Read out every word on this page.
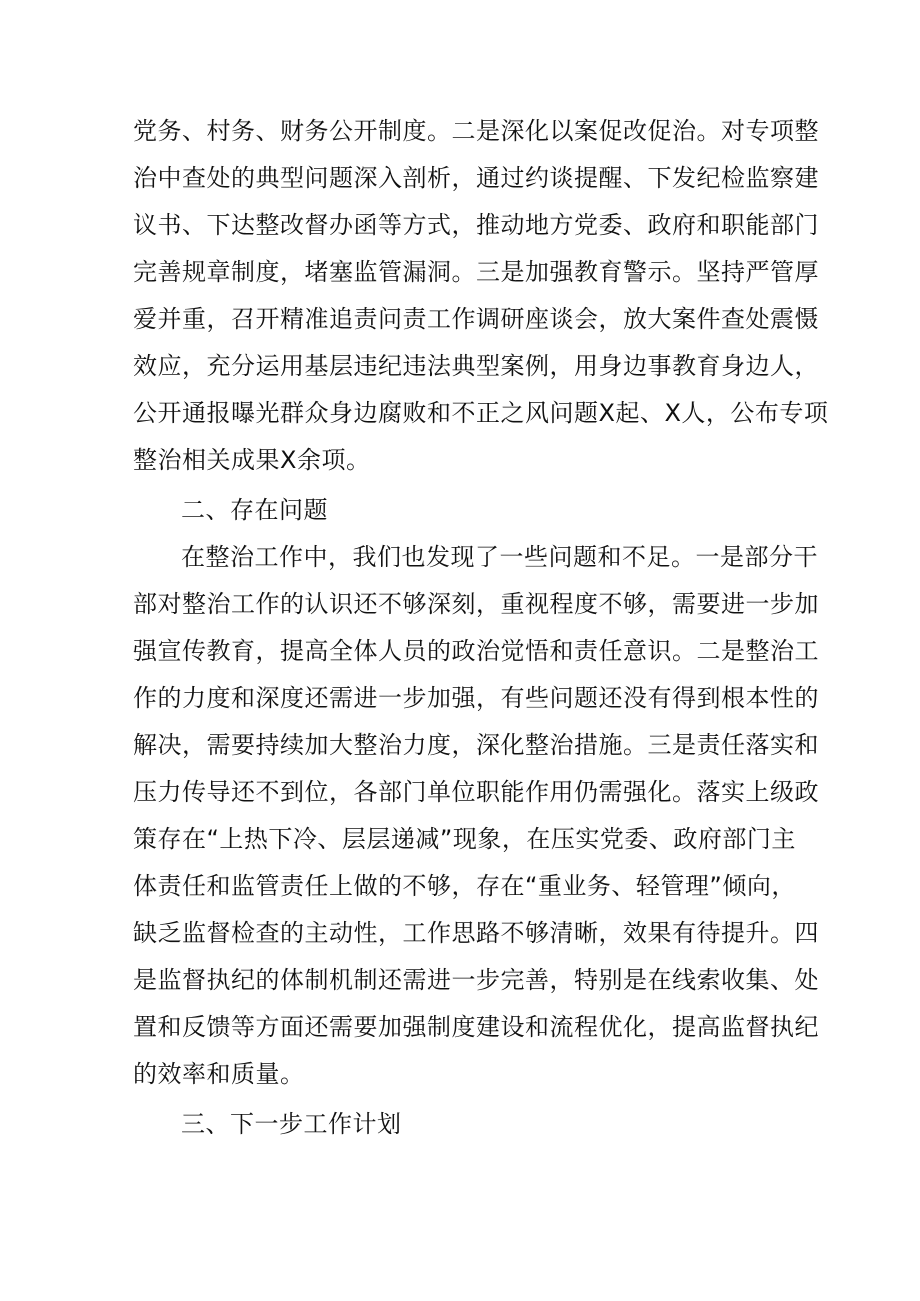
党务、村务、财务公开制度。二是深化以案促改促治。对专项整
治中查处的典型问题深入剖析，通过约谈提醒、下发纪检监察建
议书、下达整改督办函等方式，推动地方党委、政府和职能部门
完善规章制度，堵塞监管漏洞。三是加强教育警示。坚持严管厚
爱并重，召开精准追责问责工作调研座谈会，放大案件查处震慑
效应，充分运用基层违纪违法典型案例，用身边事教育身边人，
公开通报曝光群众身边腐败和不正之风问题X起、X人，公布专项
整治相关成果X余项。
二、存在问题
在整治工作中，我们也发现了一些问题和不足。一是部分干
部对整治工作的认识还不够深刻，重视程度不够，需要进一步加
强宣传教育，提高全体人员的政治觉悟和责任意识。二是整治工
作的力度和深度还需进一步加强，有些问题还没有得到根本性的
解决，需要持续加大整治力度，深化整治措施。三是责任落实和
压力传导还不到位，各部门单位职能作用仍需强化。落实上级政
策存在“上热下冷、层层递减”现象，在压实党委、政府部门主
体责任和监管责任上做的不够，存在“重业务、轻管理”倾向，
缺乏监督检查的主动性，工作思路不够清晰，效果有待提升。四
是监督执纪的体制机制还需进一步完善，特别是在线索收集、处
置和反馈等方面还需要加强制度建设和流程优化，提高监督执纪
的效率和质量。
三、下一步工作计划
